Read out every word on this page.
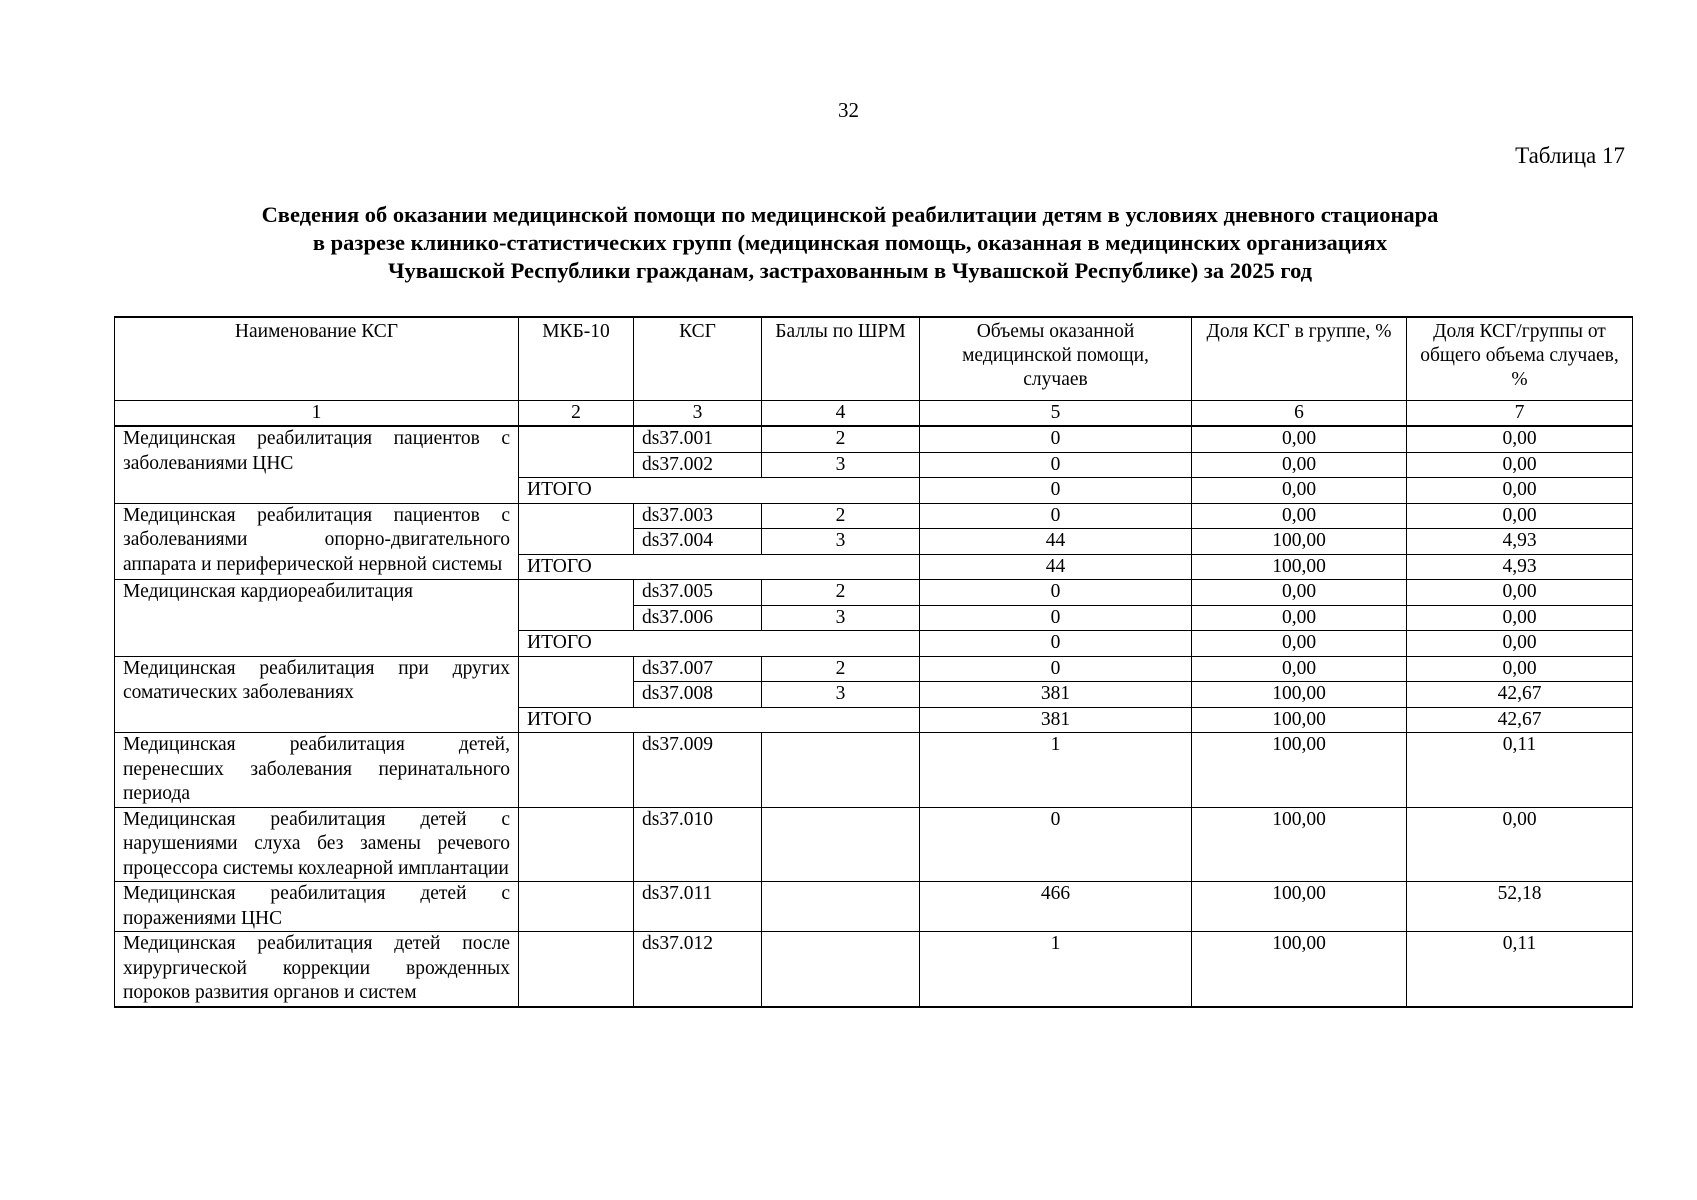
32
Таблица 17
Сведения об оказании медицинской помощи по медицинской реабилитации детям в условиях дневного стационара
в разрезе клинико-статистических групп (медицинская помощь, оказанная в медицинских организациях
Чувашской Республики гражданам, застрахованным в Чувашской Республике) за 2025 год
Наименование КСГ	МКБ-10	КСГ	Баллы по ШРМ	Объемы оказанной медицинской помощи, случаев	Доля КСГ в группе, %	Доля КСГ/группы от общего объема случаев, %
1	2	3	4	5	6	7
Медицинская реабилитация пациентов с заболеваниями ЦНС		ds37.001	2	0	0,00	0,00
		ds37.002	3	0	0,00	0,00
	ИТОГО			0	0,00	0,00
Медицинская реабилитация пациентов с заболеваниями опорно-двигательного аппарата и периферической нервной системы		ds37.003	2	0	0,00	0,00
		ds37.004	3	44	100,00	4,93
	ИТОГО			44	100,00	4,93
Медицинская кардиореабилитация		ds37.005	2	0	0,00	0,00
		ds37.006	3	0	0,00	0,00
	ИТОГО			0	0,00	0,00
Медицинская реабилитация при других соматических заболеваниях		ds37.007	2	0	0,00	0,00
		ds37.008	3	381	100,00	42,67
	ИТОГО			381	100,00	42,67
Медицинская реабилитация детей, перенесших заболевания перинатального периода		ds37.009		1	100,00	0,11
Медицинская реабилитация детей с нарушениями слуха без замены речевого процессора системы кохлеарной имплантации		ds37.010		0	100,00	0,00
Медицинская реабилитация детей с поражениями ЦНС		ds37.011		466	100,00	52,18
Медицинская реабилитация детей после хирургической коррекции врожденных пороков развития органов и систем		ds37.012		1	100,00	0,11
